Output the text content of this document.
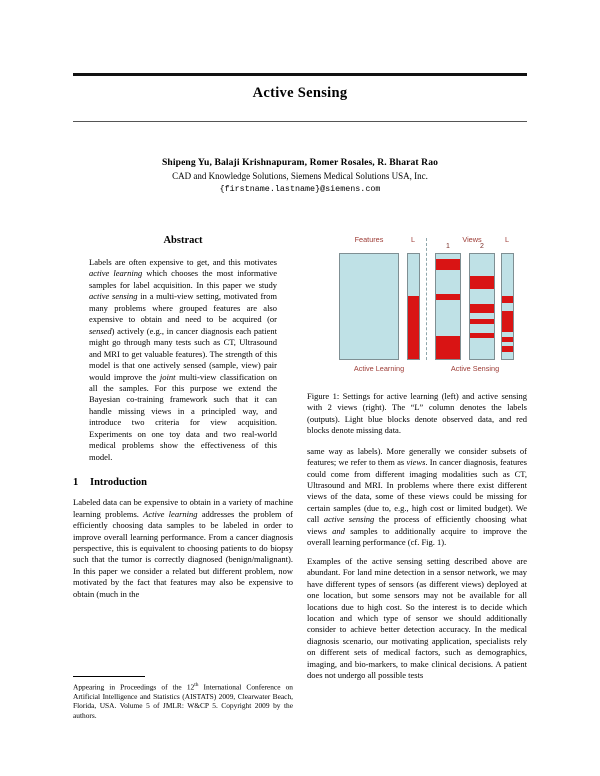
Active Sensing
Shipeng Yu, Balaji Krishnapuram, Romer Rosales, R. Bharat Rao
CAD and Knowledge Solutions, Siemens Medical Solutions USA, Inc.
{firstname.lastname}@siemens.com
Abstract

Labels are often expensive to get, and this motivates active learning which chooses the most informative samples for label acquisition. In this paper we study active sensing in a multi-view setting, motivated from many problems where grouped features are also expensive to obtain and need to be acquired (or sensed) actively (e.g., in cancer diagnosis each patient might go through many tests such as CT, Ultrasound and MRI to get valuable features). The strength of this model is that one actively sensed (sample, view) pair would improve the joint multi-view classification on all the samples. For this purpose we extend the Bayesian co-training framework such that it can handle missing views in a principled way, and introduce two criteria for view acquisition. Experiments on one toy data and two real-world medical problems show the effectiveness of this model.

1 Introduction

Labeled data can be expensive to obtain in a variety of machine learning problems. Active learning addresses the problem of efficiently choosing data samples to be labeled in order to improve overall learning performance. From a cancer diagnosis perspective, this is equivalent to choosing patients to do biopsy such that the tumor is correctly diagnosed (benign/malignant). In this paper we consider a related but different problem, now motivated by the fact that features may also be expensive to obtain (much in the

Features	L	Views
1	2
L
Active Learning	Active Sensing

Figure 1: Settings for active learning (left) and active sensing with 2 views (right). The “L” column denotes the labels (outputs). Light blue blocks denote observed data, and red blocks denote missing data.

same way as labels). More generally we consider subsets of features; we refer to them as views. In cancer diagnosis, features could come from different imaging modalities such as CT, Ultrasound and MRI. In problems where there exist different views of the data, some of these views could be missing for certain samples (due to, e.g., high cost or limited budget). We call active sensing the process of efficiently choosing what views and samples to additionally acquire to improve the overall learning performance (cf. Fig. 1).

Examples of the active sensing setting described above are abundant. For land mine detection in a sensor network, we may have different types of sensors (as different views) deployed at one location, but some sensors may not be available for all locations due to high cost. So the interest is to decide which location and which type of sensor we should additionally consider to achieve better detection accuracy. In the medical diagnosis scenario, our motivating application, specialists rely on different sets of medical factors, such as demographics, imaging, and bio-markers, to make clinical decisions. A patient does not undergo all possible tests

Appearing in Proceedings of the 12th International Conference on Artificial Intelligence and Statistics (AISTATS) 2009, Clearwater Beach, Florida, USA. Volume 5 of JMLR: W&CP 5. Copyright 2009 by the authors.
